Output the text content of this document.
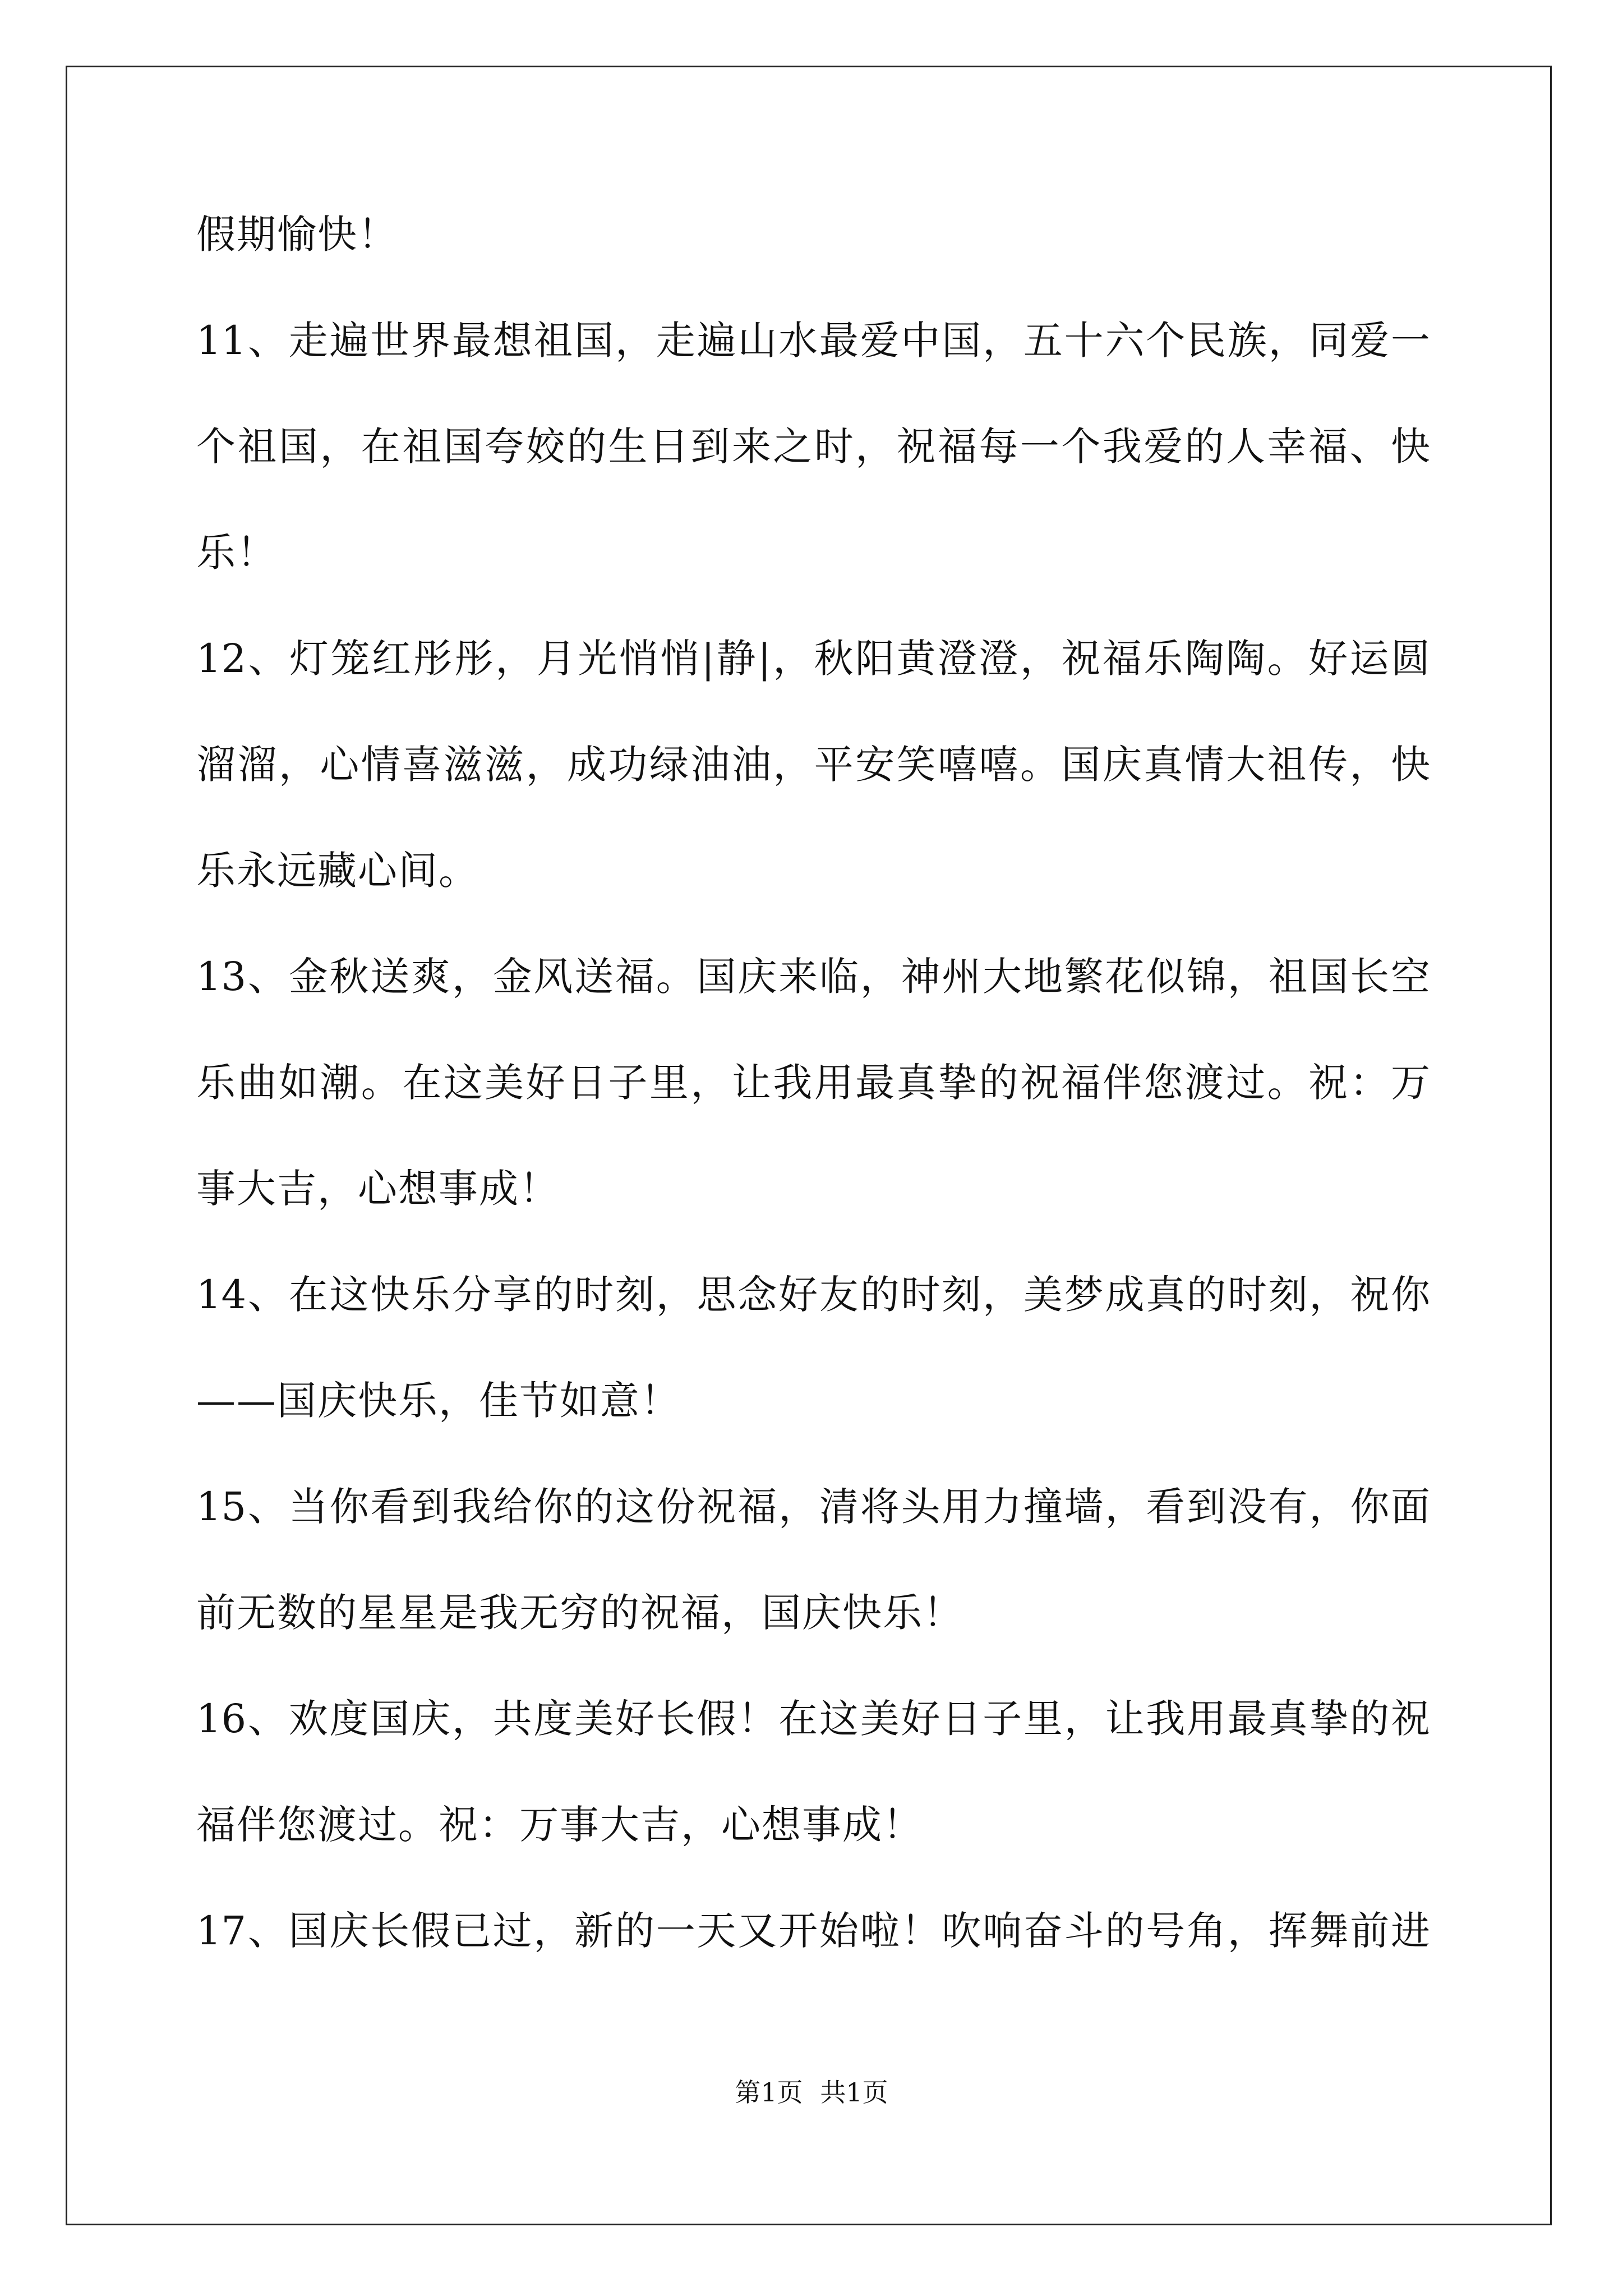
假期愉快！
11、走遍世界最想祖国，走遍山水最爱中国，五十六个民族，同爱一
个祖国，在祖国夸姣的生日到来之时，祝福每一个我爱的人幸福、快
乐！
12、灯笼红彤彤，月光悄悄|静|，秋阳黄澄澄，祝福乐陶陶。好运圆
溜溜，心情喜滋滋，成功绿油油，平安笑嘻嘻。国庆真情大祖传，快
乐永远藏心间。
13、金秋送爽，金风送福。国庆来临，神州大地繁花似锦，祖国长空
乐曲如潮。在这美好日子里，让我用最真挚的祝福伴您渡过。祝：万
事大吉，心想事成！
14、在这快乐分享的时刻，思念好友的时刻，美梦成真的时刻，祝你
——国庆快乐，佳节如意！
15、当你看到我给你的这份祝福，清将头用力撞墙，看到没有，你面
前无数的星星是我无穷的祝福，国庆快乐！
16、欢度国庆，共度美好长假！在这美好日子里，让我用最真挚的祝
福伴您渡过。祝：万事大吉，心想事成！
17、国庆长假已过，新的一天又开始啦！吹响奋斗的号角，挥舞前进
第1页 共1页
